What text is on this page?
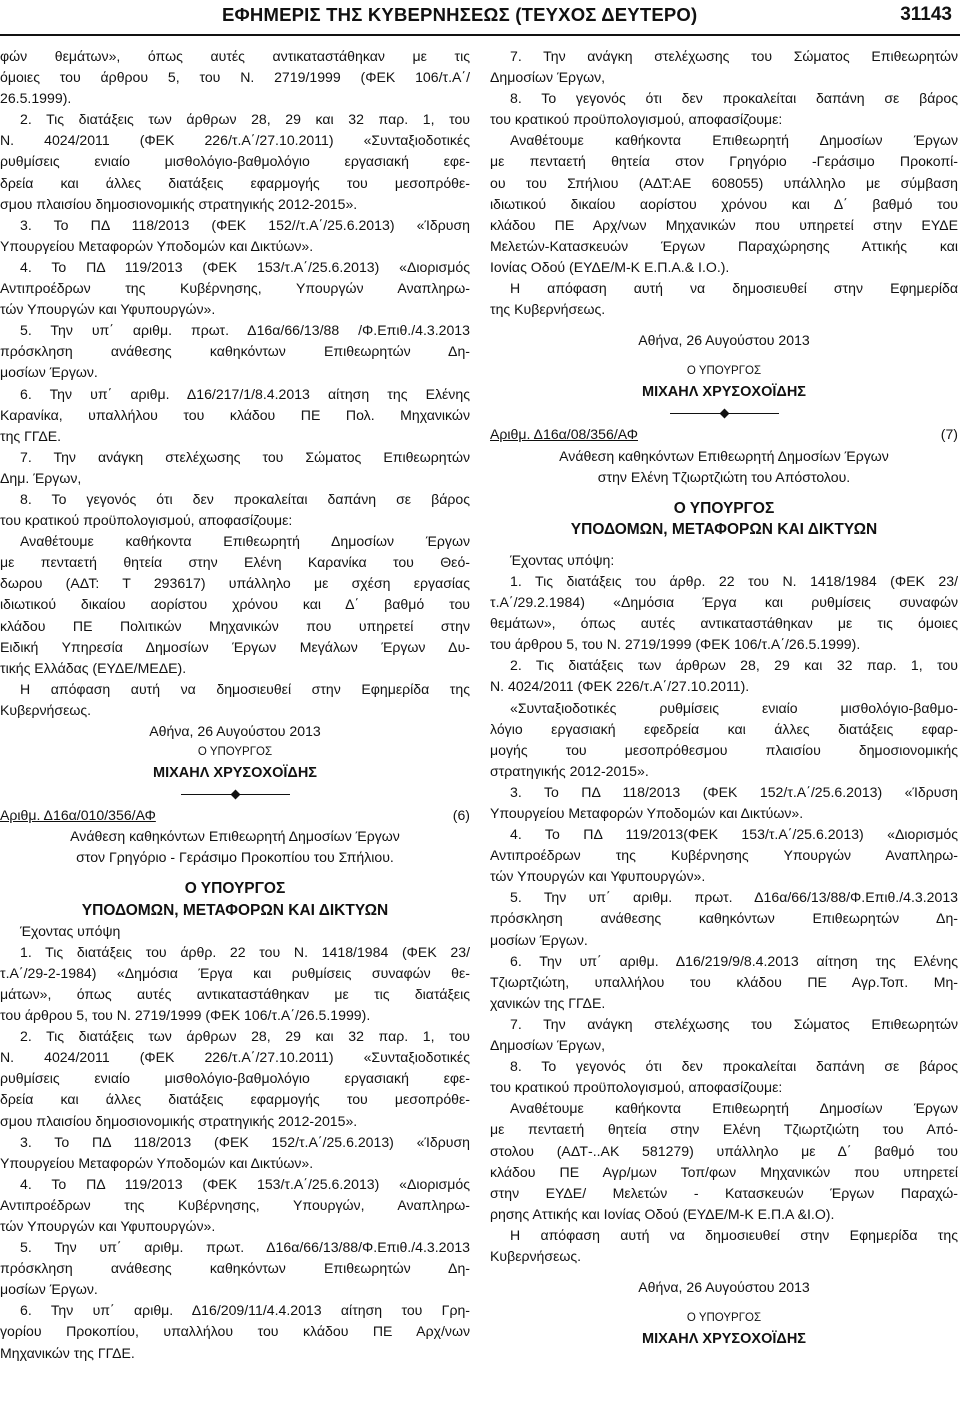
ΕΦΗΜΕΡΙΣ ΤΗΣ ΚΥΒΕΡΝΗΣΕΩΣ (ΤΕΥΧΟΣ ΔΕΥΤΕΡΟ)	31143

φών θεμάτων», όπως αυτές αντικαταστάθηκαν με τις
όμοιες του άρθρου 5, του Ν. 2719/1999 (ΦΕΚ 106/τ.Α΄/
26.5.1999).

2. Τις διατάξεις των άρθρων 28, 29 και 32 παρ. 1, του
Ν. 4024/2011 (ΦΕΚ 226/τ.Α΄/27.10.2011) «Συνταξιοδοτικές
ρυθμίσεις ενιαίο μισθολόγιο-βαθμολόγιο εργασιακή εφε-
δρεία και άλλες διατάξεις εφαρμογής του μεσοπρόθε-
σμου πλαισίου δημοσιονομικής στρατηγικής 2012-2015».

3. Το ΠΔ 118/2013 (ΦΕΚ 152//τ.Α΄/25.6.2013) «Ίδρυση
Υπουργείου Μεταφορών Υποδομών και Δικτύων».

4. Το ΠΔ 119/2013 (ΦΕΚ 153/τ.Α΄/25.6.2013) «Διορισμός
Αντιπροέδρων της Κυβέρνησης, Υπουργών Αναπληρω-
τών Υπουργών και Υφυπουργών».

5. Την υπ΄ αριθμ. πρωτ. Δ16α/66/13/88 /Φ.Επιθ./4.3.2013
πρόσκληση ανάθεσης καθηκόντων Επιθεωρητών Δη-
μοσίων Έργων.

6. Την υπ΄ αριθμ. Δ16/217/1/8.4.2013 αίτηση της Ελένης
Καρανίκα, υπαλλήλου του κλάδου ΠΕ Πολ. Μηχανικών
της ΓΓΔΕ.

7. Την ανάγκη στελέχωσης του Σώματος Επιθεωρητών
Δημ. Έργων,

8. Το γεγονός ότι δεν προκαλείται δαπάνη σε βάρος
του κρατικού προϋπολογισμού, αποφασίζουμε:

Αναθέτουμε καθήκοντα Επιθεωρητή Δημοσίων Έργων
με πενταετή θητεία στην Ελένη Καρανίκα του Θεό-
δωρου (ΑΔΤ: Τ 293617) υπάλληλο με σχέση εργασίας
ιδιωτικού δικαίου αορίστου χρόνου και Δ΄ βαθμό του
κλάδου ΠΕ Πολιτικών Μηχανικών που υπηρετεί στην
Ειδική Υπηρεσία Δημοσίων Έργων Μεγάλων Έργων Δυ-
τικής Ελλάδας (ΕΥΔΕ/ΜΕΔΕ).

Η απόφαση αυτή να δημοσιευθεί στην Εφημερίδα της
Κυβερνήσεως.

Αθήνα, 26 Αυγούστου 2013

Ο ΥΠΟΥΡΓΟΣ

ΜΙΧΑΗΛ ΧΡΥΣΟΧΟΪΔΗΣ

Αριθμ. Δ16α/010/356/ΑΦ	(6)

Ανάθεση καθηκόντων Επιθεωρητή Δημοσίων Έργων

στον Γρηγόριο - Γεράσιμο Προκοπίου του Σπήλιου.

Ο ΥΠΟΥΡΓΟΣ

ΥΠΟΔΟΜΩΝ, ΜΕΤΑΦΟΡΩΝ ΚΑΙ ΔΙΚΤΥΩΝ

Έχοντας υπόψη

1. Τις διατάξεις του άρθρ. 22 του Ν. 1418/1984 (ΦΕΚ 23/
τ.Α΄/29-2-1984) «Δημόσια Έργα και ρυθμίσεις συναφών θε-
μάτων», όπως αυτές αντικαταστάθηκαν με τις διατάξεις
του άρθρου 5, του Ν. 2719/1999 (ΦΕΚ 106/τ.Α΄/26.5.1999).

2. Τις διατάξεις των άρθρων 28, 29 και 32 παρ. 1, του
Ν. 4024/2011 (ΦΕΚ 226/τ.Α΄/27.10.2011) «Συνταξιοδοτικές
ρυθμίσεις ενιαίο μισθολόγιο-βαθμολόγιο εργασιακή εφε-
δρεία και άλλες διατάξεις εφαρμογής του μεσοπρόθε-
σμου πλαισίου δημοσιονομικής στρατηγικής 2012-2015».

3. Το ΠΔ 118/2013 (ΦΕΚ 152/τ.Α΄/25.6.2013) «Ίδρυση
Υπουργείου Μεταφορών Υποδομών και Δικτύων».

4. Το ΠΔ 119/2013 (ΦΕΚ 153/τ.Α΄/25.6.2013) «Διορισμός
Αντιπροέδρων της Κυβέρνησης, Υπουργών, Αναπληρω-
τών Υπουργών και Υφυπουργών».

5. Την υπ΄ αριθμ. πρωτ. Δ16α/66/13/88/Φ.Επιθ./4.3.2013
πρόσκληση ανάθεσης καθηκόντων Επιθεωρητών Δη-
μοσίων Έργων.

6. Την υπ΄ αριθμ. Δ16/209/11/4.4.2013 αίτηση του Γρη-
γορίου Προκοπίου, υπαλλήλου του κλάδου ΠΕ Αρχ/νων
Μηχανικών της ΓΓΔΕ.

7. Την ανάγκη στελέχωσης του Σώματος Επιθεωρητών
Δημοσίων Έργων,

8. Το γεγονός ότι δεν προκαλείται δαπάνη σε βάρος
του κρατικού προϋπολογισμού, αποφασίζουμε:

Αναθέτουμε καθήκοντα Επιθεωρητή Δημοσίων Έργων
με πενταετή θητεία στον Γρηγόριο -Γεράσιμο Προκοπί-
ου του Σπήλιου (ΑΔΤ:ΑΕ 608055) υπάλληλο με σύμβαση
ιδιωτικού δικαίου αορίστου χρόνου και Δ΄ βαθμό του
κλάδου ΠΕ Αρχ/νων Μηχανικών που υπηρετεί στην ΕΥΔΕ
Μελετών-Κατασκευών Έργων Παραχώρησης Αττικής και
Ιονίας Οδού (ΕΥΔΕ/Μ-Κ Ε.Π.Α.& Ι.Ο.).

Η απόφαση αυτή να δημοσιευθεί στην Εφημερίδα
της Κυβερνήσεως.

Αθήνα, 26 Αυγούστου 2013

Ο ΥΠΟΥΡΓΟΣ

ΜΙΧΑΗΛ ΧΡΥΣΟΧΟΪΔΗΣ

Αριθμ. Δ16α/08/356/ΑΦ	(7)

Ανάθεση καθηκόντων Επιθεωρητή Δημοσίων Έργων

στην Ελένη Τζιωρτζιώτη του Απόστολου.

Ο ΥΠΟΥΡΓΟΣ

ΥΠΟΔΟΜΩΝ, ΜΕΤΑΦΟΡΩΝ ΚΑΙ ΔΙΚΤΥΩΝ

Έχοντας υπόψη:

1. Τις διατάξεις του άρθρ. 22 του Ν. 1418/1984 (ΦΕΚ 23/
τ.Α΄/29.2.1984) «Δημόσια Έργα και ρυθμίσεις συναφών
θεμάτων», όπως αυτές αντικαταστάθηκαν με τις όμοιες
του άρθρου 5, του Ν. 2719/1999 (ΦΕΚ 106/τ.Α΄/26.5.1999).

2. Τις διατάξεις των άρθρων 28, 29 και 32 παρ. 1, του
Ν. 4024/2011 (ΦΕΚ 226/τ.Α΄/27.10.2011).

«Συνταξιοδοτικές ρυθμίσεις ενιαίο μισθολόγιο-βαθμο-
λόγιο εργασιακή εφεδρεία και άλλες διατάξεις εφαρ-
μογής του μεσοπρόθεσμου πλαισίου δημοσιονομικής
στρατηγικής 2012-2015».

3. Το ΠΔ 118/2013 (ΦΕΚ 152/τ.Α΄/25.6.2013) «Ίδρυση
Υπουργείου Μεταφορών Υποδομών και Δικτύων».

4. Το ΠΔ 119/2013(ΦΕΚ 153/τ.Α΄/25.6.2013) «Διορισμός
Αντιπροέδρων της Κυβέρνησης Υπουργών Αναπληρω-
τών Υπουργών και Υφυπουργών».

5. Την υπ΄ αριθμ. πρωτ. Δ16α/66/13/88/Φ.Επιθ./4.3.2013
πρόσκληση ανάθεσης καθηκόντων Επιθεωρητών Δη-
μοσίων Έργων.

6. Την υπ΄ αριθμ. Δ16/219/9/8.4.2013 αίτηση της Ελένης
Τζιωρτζιώτη, υπαλλήλου του κλάδου ΠΕ Αγρ.Τοπ. Μη-
χανικών της ΓΓΔΕ.

7. Την ανάγκη στελέχωσης του Σώματος Επιθεωρητών
Δημοσίων Έργων,

8. Το γεγονός ότι δεν προκαλείται δαπάνη σε βάρος
του κρατικού προϋπολογισμού, αποφασίζουμε:

Αναθέτουμε καθήκοντα Επιθεωρητή Δημοσίων Έργων
με πενταετή θητεία στην Ελένη Τζιωρτζιώτη του Από-
στολου (ΑΔΤ-..ΑΚ 581279) υπάλληλο με Δ΄ βαθμό του
κλάδου ΠΕ Αγρ/μων Τοπ/φων Μηχανικών που υπηρετεί
στην ΕΥΔΕ/ Μελετών - Κατασκευών Έργων Παραχώ-
ρησης Αττικής και Ιονίας Οδού (ΕΥΔΕ/Μ-Κ Ε.Π.Α &Ι.Ο).

Η απόφαση αυτή να δημοσιευθεί στην Εφημερίδα της
Κυβερνήσεως.

Αθήνα, 26 Αυγούστου 2013

Ο ΥΠΟΥΡΓΟΣ

ΜΙΧΑΗΛ ΧΡΥΣΟΧΟΪΔΗΣ
